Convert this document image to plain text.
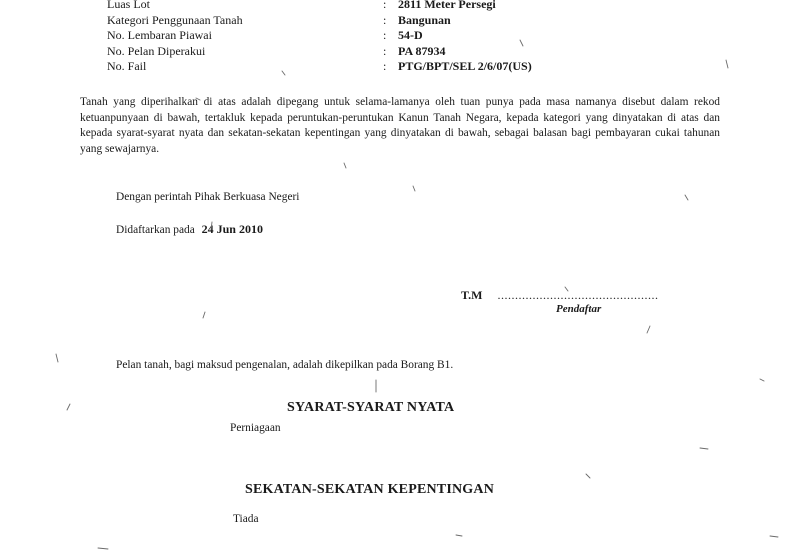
Luas Lot	: 2811 Meter Persegi
Kategori Penggunaan Tanah	: Bangunan
No. Lembaran Piawai	: 54-D
No. Pelan Diperakui	: PA 87934
No. Fail	: PTG/BPT/SEL 2/6/07(US)
Tanah yang diperihalkan di atas adalah dipegang untuk selama-lamanya oleh tuan punya pada masa namanya disebut dalam rekod ketuanpunyaan di bawah, tertakluk kepada peruntukan-peruntukan Kanun Tanah Negara, kepada kategori yang dinyatakan di atas dan kepada syarat-syarat nyata dan sekatan-sekatan kepentingan yang dinyatakan di bawah, sebagai balasan bagi pembayaran cukai tahunan yang sewajarnya.
Dengan perintah Pihak Berkuasa Negeri
Didaftarkan pada 24 Jun 2010
T.M ..............................................
Pendaftar
Pelan tanah, bagi maksud pengenalan, adalah dikepilkan pada Borang B1.
SYARAT-SYARAT NYATA
Perniagaan
SEKATAN-SEKATAN KEPENTINGAN
Tiada
